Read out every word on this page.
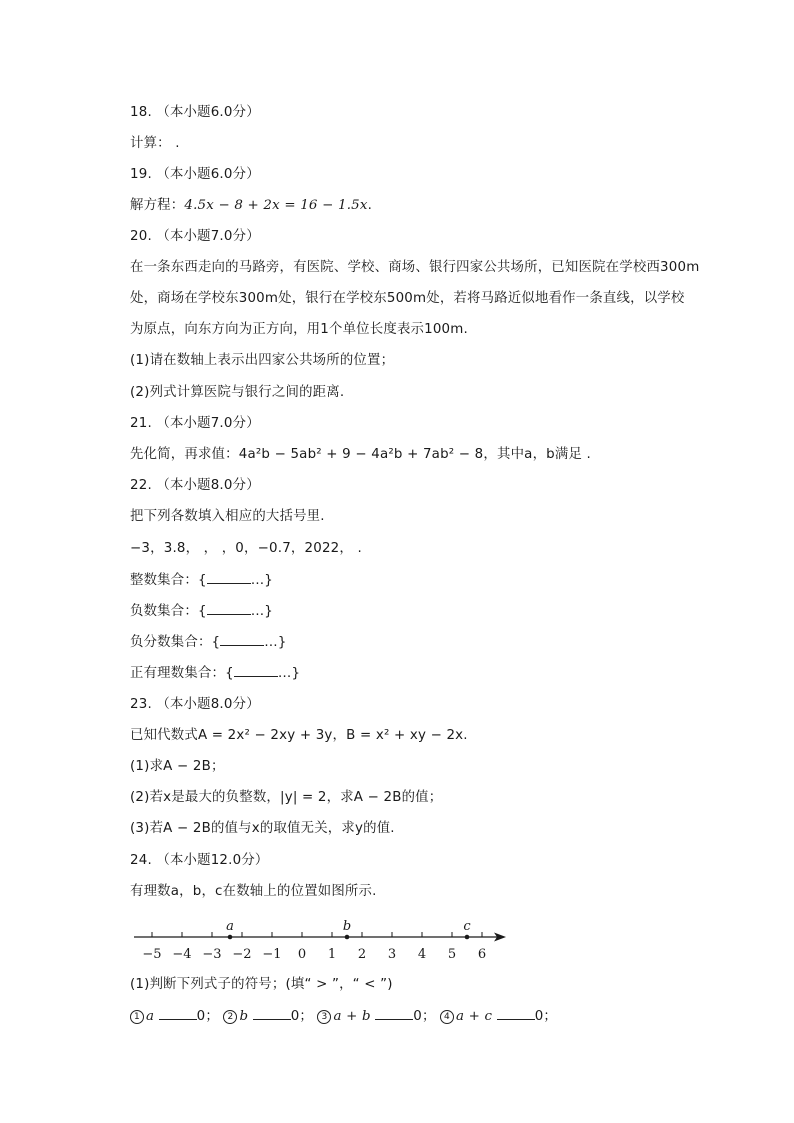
18. （本小题6.0分）
计算： .
19. （本小题6.0分）
解方程：4.5x − 8 + 2x = 16 − 1.5x.
20. （本小题7.0分）
在一条东西走向的马路旁，有医院、学校、商场、银行四家公共场所，已知医院在学校西300m
处，商场在学校东300m处，银行在学校东500m处，若将马路近似地看作一条直线，以学校
为原点，向东方向为正方向，用1个单位长度表示100m.
(1)请在数轴上表示出四家公共场所的位置；
(2)列式计算医院与银行之间的距离.
21. （本小题7.0分）
先化简，再求值：4a²b − 5ab² + 9 − 4a²b + 7ab² − 8，其中a，b满足 .
22. （本小题8.0分）
把下列各数填入相应的大括号里.
−3，3.8， ， ，0，−0.7，2022， .
整数集合：{	…}
负数集合：{	…}
负分数集合：{	…}
正有理数集合：{	…}
23. （本小题8.0分）
已知代数式A = 2x² − 2xy + 3y，B = x² + xy − 2x.
(1)求A − 2B；
(2)若x是最大的负整数，|y| = 2，求A − 2B的值；
(3)若A − 2B的值与x的取值无关，求y的值.
24. （本小题12.0分）
有理数a，b，c在数轴上的位置如图所示.
−5 −4 −3 −2 −1 0 1 2 3 4 5 6
a	b	c
(1)判断下列式子的符号；(填“ > ”，“ < ”)
1 a	0； 2 b	0； 3 a + b	0； 4 a + c	0；
